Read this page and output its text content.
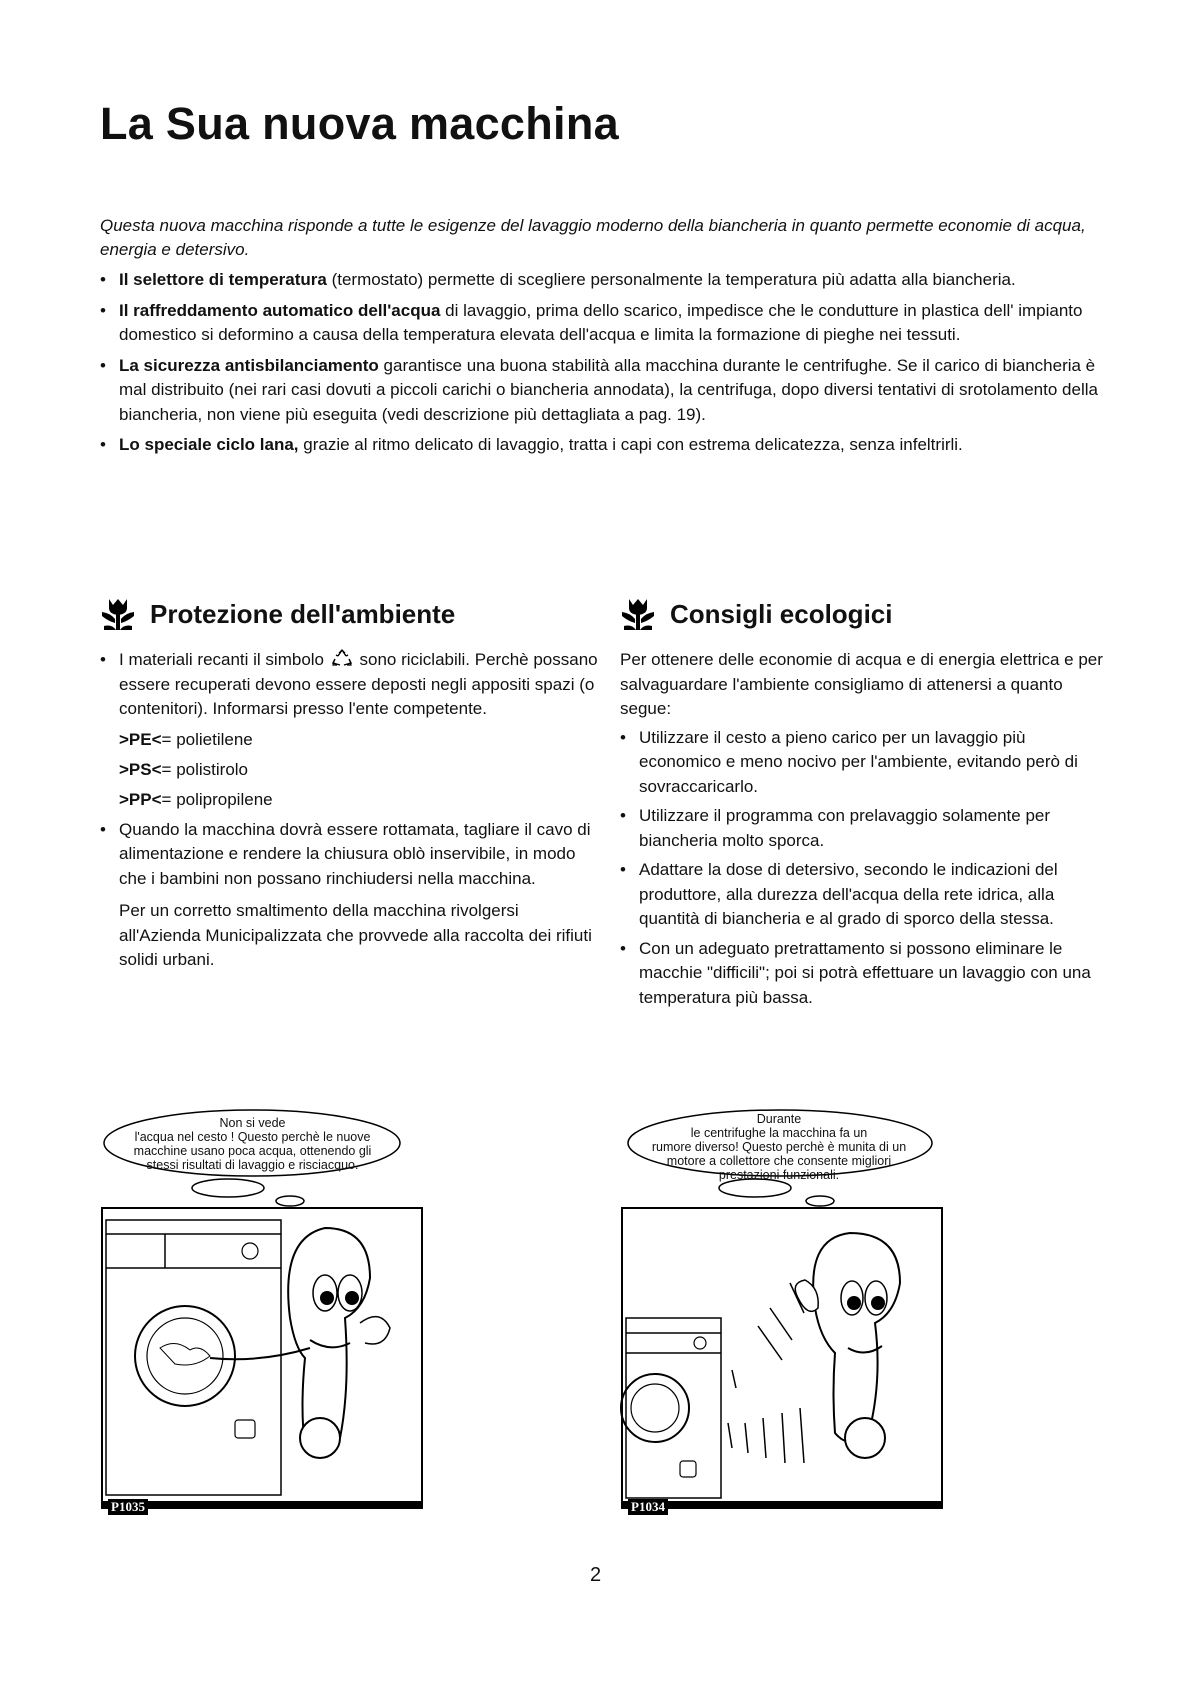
La Sua nuova macchina

Questa nuova macchina risponde a tutte le esigenze del lavaggio moderno della biancheria in quanto permette economie di acqua, energia e detersivo.

• Il selettore di temperatura (termostato) permette di scegliere personalmente la temperatura più adatta alla biancheria.
• Il raffreddamento automatico dell'acqua di lavaggio, prima dello scarico, impedisce che le condutture in plastica dell' impianto domestico si deformino a causa della temperatura elevata dell'acqua e limita la formazione di pieghe nei tessuti.
• La sicurezza antisbilanciamento garantisce una buona stabilità alla macchina durante le centrifughe. Se il carico di biancheria è mal distribuito (nei rari casi dovuti a piccoli carichi o biancheria annodata), la centrifuga, dopo diversi tentativi di srotolamento della biancheria, non viene più eseguita (vedi descrizione più dettagliata a pag. 19).
• Lo speciale ciclo lana, grazie al ritmo delicato di lavaggio, tratta i capi con estrema delicatezza, senza infeltrirli.
Protezione dell'ambiente
• I materiali recanti il simbolo sono riciclabili. Perchè possano essere recuperati devono essere deposti negli appositi spazi (o contenitori). Informarsi presso l'ente competente.
>PE<= polietilene
>PS<= polistirolo
>PP<= polipropilene
• Quando la macchina dovrà essere rottamata, tagliare il cavo di alimentazione e rendere la chiusura oblò inservibile, in modo che i bambini non possano rinchiudersi nella macchina.

Per un corretto smaltimento della macchina rivolgersi all'Azienda Municipalizzata che provvede alla raccolta dei rifiuti solidi urbani.

Consigli ecologici

Per ottenere delle economie di acqua e di energia elettrica e per salvaguardare l'ambiente consigliamo di attenersi a quanto segue:

• Utilizzare il cesto a pieno carico per un lavaggio più economico e meno nocivo per l'ambiente, evitando però di sovraccaricarlo.
• Utilizzare il programma con prelavaggio solamente per biancheria molto sporca.
• Adattare la dose di detersivo, secondo le indicazioni del produttore, alla durezza dell'acqua della rete idrica, alla quantità di biancheria e al grado di sporco della stessa.
• Con un adeguato pretrattamento si possono eliminare le macchie "difficili"; poi si potrà effettuare un lavaggio con una temperatura più bassa.
Non si vede
l'acqua nel cesto ! Questo perchè le nuove
macchine usano poca acqua, ottenendo gli
stessi risultati di lavaggio e risciacquo.
P1035
Durante
le centrifughe la macchina fa un
rumore diverso! Questo perchè è munita di un
motore a collettore che consente migliori
prestazioni funzionali.
P1034
2
